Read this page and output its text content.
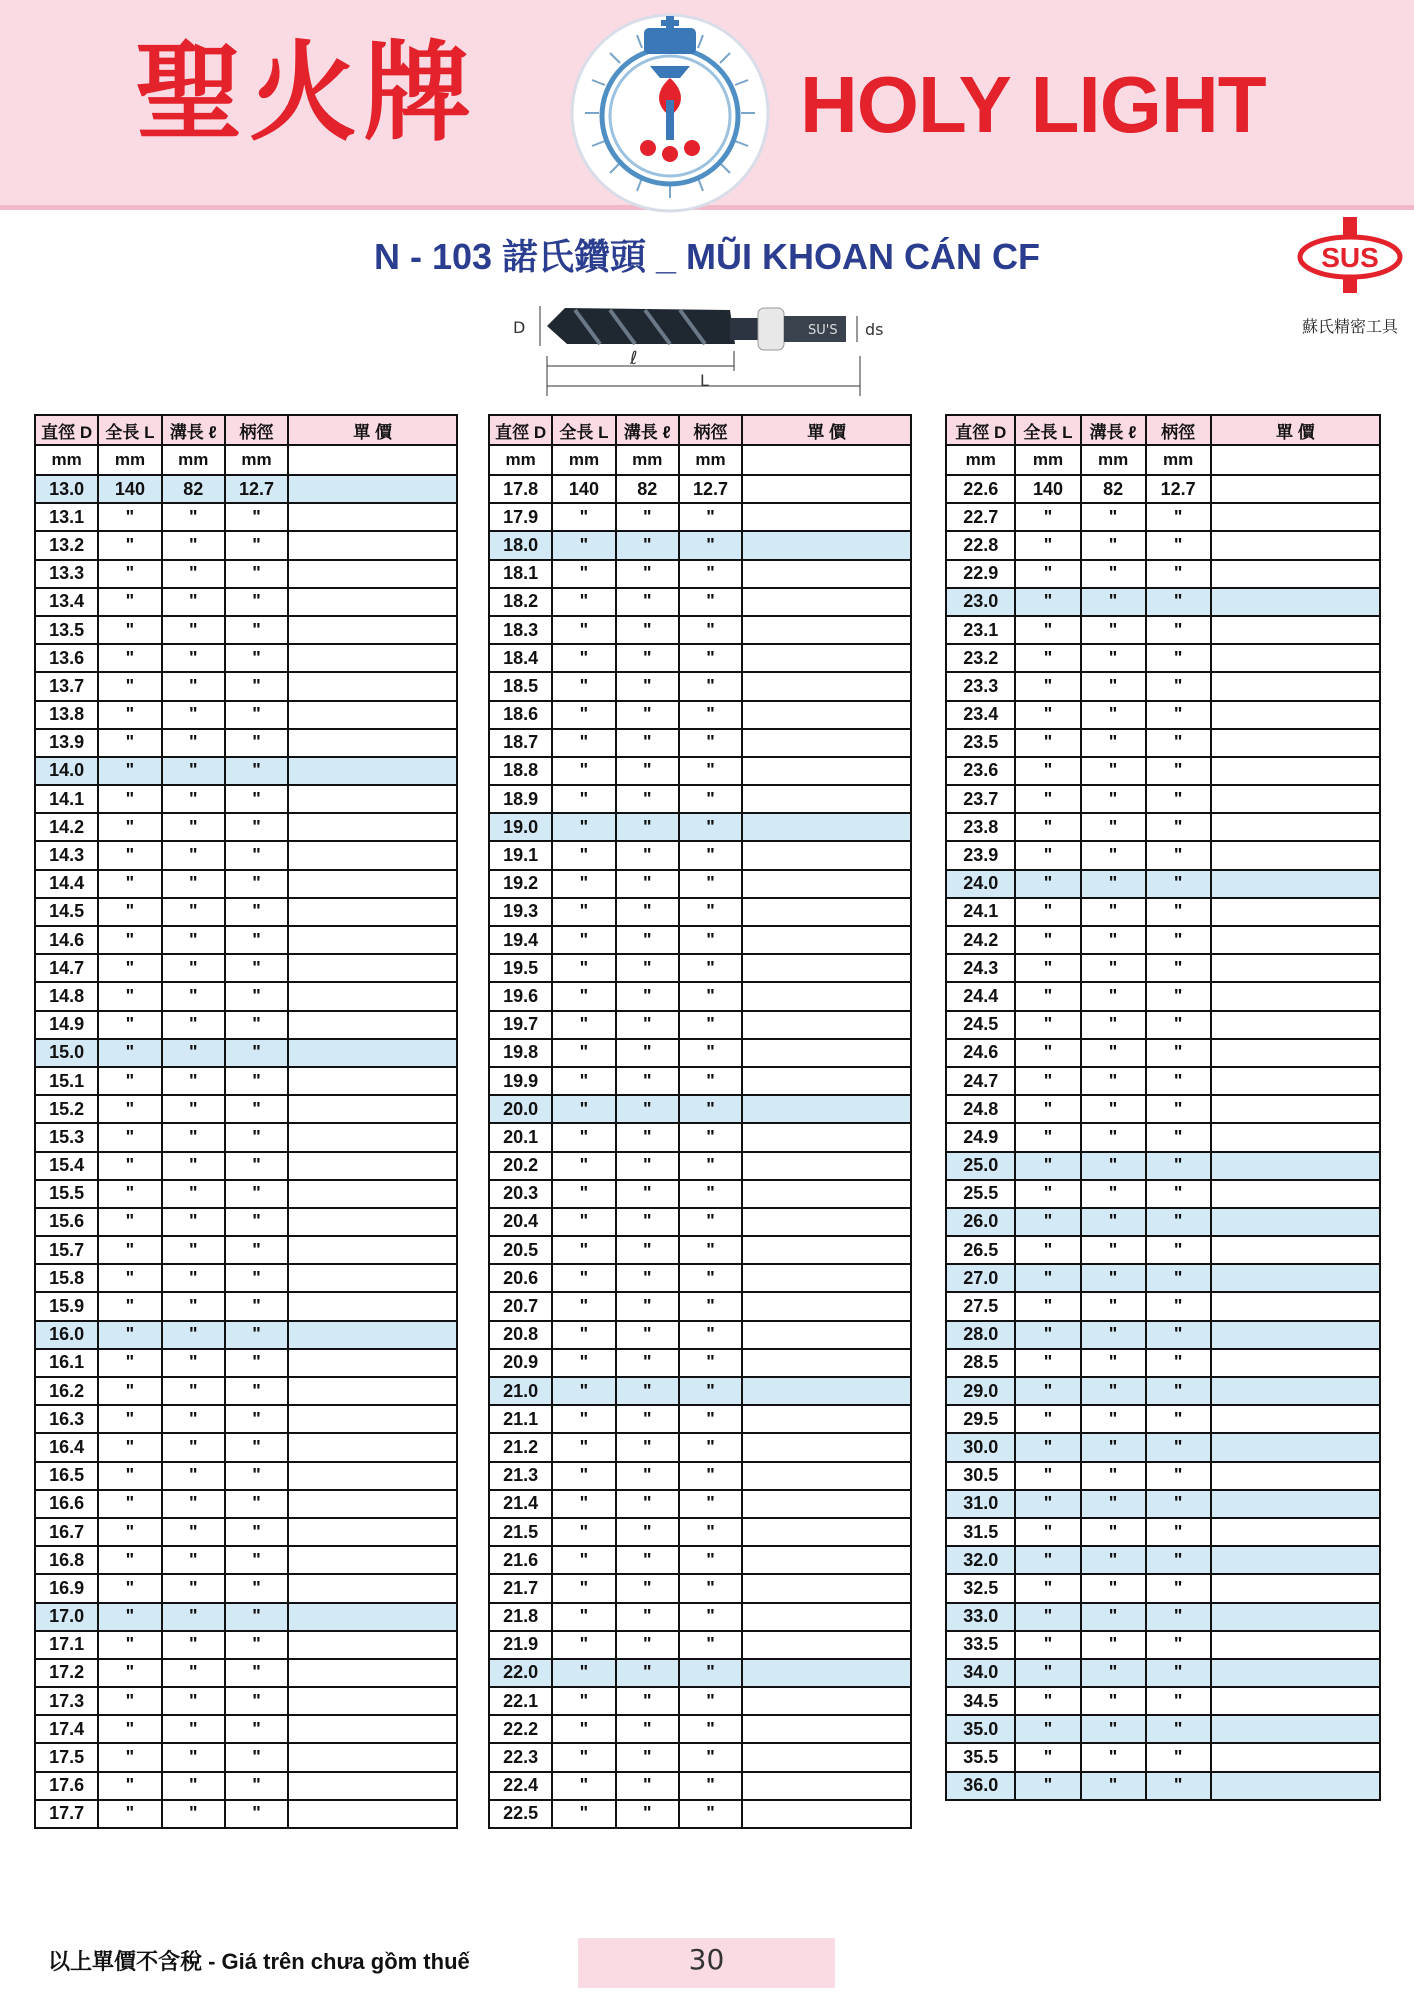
聖火牌	HOLY LIGHT
N - 103 諾氏鑽頭 _ MŨI KHOAN CÁN CF	SUS
蘇氏精密工具
D	SU'S ds
ℓ
L
直徑 D	全長 L	溝長 ℓ	柄徑	單 價
mm	mm	mm	mm	
13.0	140	82	12.7	
13.1	"	"	"	
13.2	"	"	"	
13.3	"	"	"	
13.4	"	"	"	
13.5	"	"	"	
13.6	"	"	"	
13.7	"	"	"	
13.8	"	"	"	
13.9	"	"	"	
14.0	"	"	"	
14.1	"	"	"	
14.2	"	"	"	
14.3	"	"	"	
14.4	"	"	"	
14.5	"	"	"	
14.6	"	"	"	
14.7	"	"	"	
14.8	"	"	"	
14.9	"	"	"	
15.0	"	"	"	
15.1	"	"	"	
15.2	"	"	"	
15.3	"	"	"	
15.4	"	"	"	
15.5	"	"	"	
15.6	"	"	"	
15.7	"	"	"	
15.8	"	"	"	
15.9	"	"	"	
16.0	"	"	"	
16.1	"	"	"	
16.2	"	"	"	
16.3	"	"	"	
16.4	"	"	"	
16.5	"	"	"	
16.6	"	"	"	
16.7	"	"	"	
16.8	"	"	"	
16.9	"	"	"	
17.0	"	"	"	
17.1	"	"	"	
17.2	"	"	"	
17.3	"	"	"	
17.4	"	"	"	
17.5	"	"	"	
17.6	"	"	"	
17.7	"	"	"	
直徑 D	全長 L	溝長 ℓ	柄徑	單 價
mm	mm	mm	mm	
17.8	140	82	12.7	
17.9	"	"	"	
18.0	"	"	"	
18.1	"	"	"	
18.2	"	"	"	
18.3	"	"	"	
18.4	"	"	"	
18.5	"	"	"	
18.6	"	"	"	
18.7	"	"	"	
18.8	"	"	"	
18.9	"	"	"	
19.0	"	"	"	
19.1	"	"	"	
19.2	"	"	"	
19.3	"	"	"	
19.4	"	"	"	
19.5	"	"	"	
19.6	"	"	"	
19.7	"	"	"	
19.8	"	"	"	
19.9	"	"	"	
20.0	"	"	"	
20.1	"	"	"	
20.2	"	"	"	
20.3	"	"	"	
20.4	"	"	"	
20.5	"	"	"	
20.6	"	"	"	
20.7	"	"	"	
20.8	"	"	"	
20.9	"	"	"	
21.0	"	"	"	
21.1	"	"	"	
21.2	"	"	"	
21.3	"	"	"	
21.4	"	"	"	
21.5	"	"	"	
21.6	"	"	"	
21.7	"	"	"	
21.8	"	"	"	
21.9	"	"	"	
22.0	"	"	"	
22.1	"	"	"	
22.2	"	"	"	
22.3	"	"	"	
22.4	"	"	"	
22.5	"	"	"	
直徑 D	全長 L	溝長 ℓ	柄徑	單 價
mm	mm	mm	mm	
22.6	140	82	12.7	
22.7	"	"	"	
22.8	"	"	"	
22.9	"	"	"	
23.0	"	"	"	
23.1	"	"	"	
23.2	"	"	"	
23.3	"	"	"	
23.4	"	"	"	
23.5	"	"	"	
23.6	"	"	"	
23.7	"	"	"	
23.8	"	"	"	
23.9	"	"	"	
24.0	"	"	"	
24.1	"	"	"	
24.2	"	"	"	
24.3	"	"	"	
24.4	"	"	"	
24.5	"	"	"	
24.6	"	"	"	
24.7	"	"	"	
24.8	"	"	"	
24.9	"	"	"	
25.0	"	"	"	
25.5	"	"	"	
26.0	"	"	"	
26.5	"	"	"	
27.0	"	"	"	
27.5	"	"	"	
28.0	"	"	"	
28.5	"	"	"	
29.0	"	"	"	
29.5	"	"	"	
30.0	"	"	"	
30.5	"	"	"	
31.0	"	"	"	
31.5	"	"	"	
32.0	"	"	"	
32.5	"	"	"	
33.0	"	"	"	
33.5	"	"	"	
34.0	"	"	"	
34.5	"	"	"	
35.0	"	"	"	
35.5	"	"	"	
36.0	"	"	"	
以上單價不含稅 - Giá trên chưa gồm thuế	30
